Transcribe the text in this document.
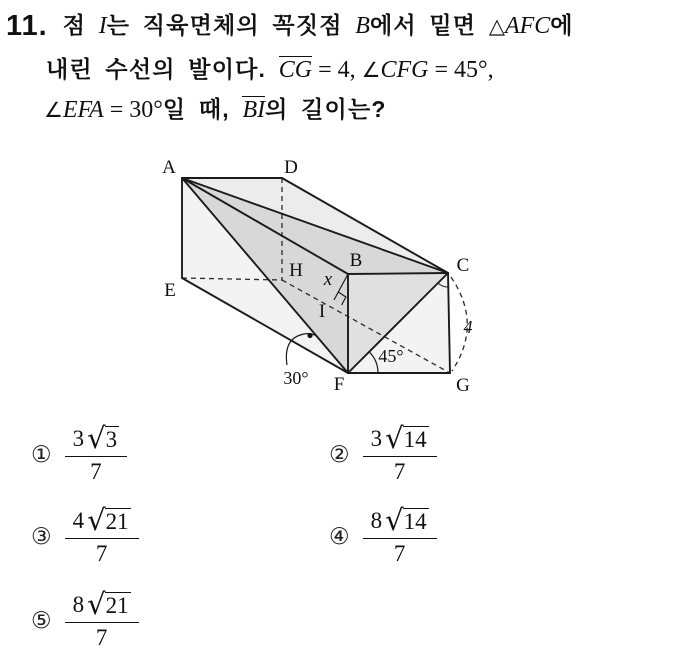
11. 점 I는 직육면체의 꼭짓점 B에서 밑면 △AFC에
내린 수선의 발이다. CG = 4, ∠CFG = 45°,
∠EFA = 30°일 때, BI의 길이는?
A	D
E
H B	C
F	G
I
x
45°
30°
4
① $\frac{3 √ 3}{7}$	② $\frac{3 √ 14}{7}$
③ $\frac{4 √ 21}{7}$	④ $\frac{8 √ 14}{7}$
⑤ $\frac{8 √ 21}{7}$
